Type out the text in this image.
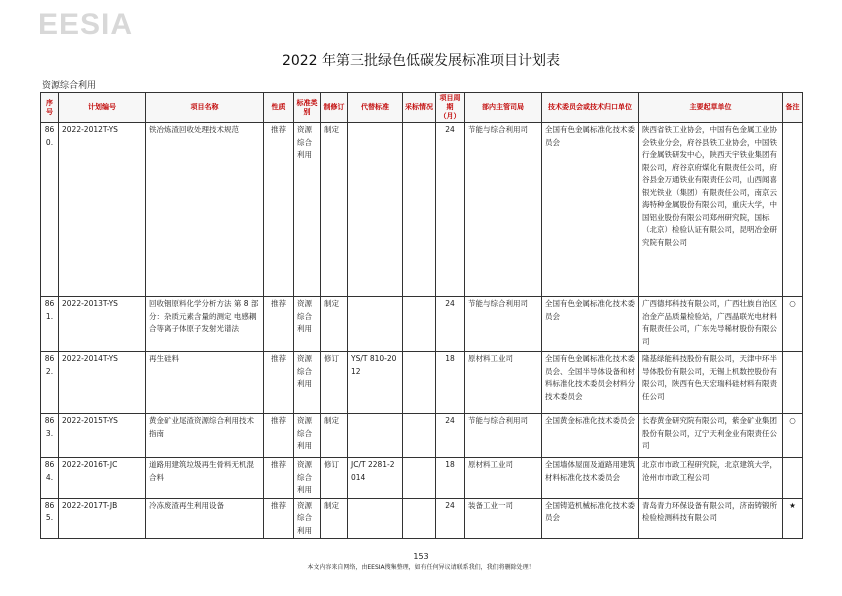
EESIA
2022 年第三批绿色低碳发展标准项目计划表
资源综合利用
序号	计划编号	项目名称	性质	标准类别	制修订	代替标准	采标情况	项目周期（月）	部内主管司局	技术委员会或技术归口单位	主要起草单位	备注
860.	2022-2012T-YS	铁冶炼渣回收处理技术规范	推荐	资源综合利用	制定			24	节能与综合利用司	全国有色金属标准化技术委员会	陕西省铁工业协会，中国有色金属工业协会铁业分会，府谷县铁工业协会，中国铁行金属铁研发中心，陕西天宇铁业集团有限公司，府谷京府煤化有限责任公司，府谷县金万通铁业有限责任公司，山西闻喜银光铁业（集团）有限责任公司，南京云海特种金属股份有限公司，重庆大学，中国铝业股份有限公司郑州研究院，国标（北京）检验认证有限公司，昆明冶金研究院有限公司	
861.	2022-2013T-YS	回收铟原料化学分析方法 第 8 部分：杂质元素含量的测定 电感耦合等离子体原子发射光谱法	推荐	资源综合利用	制定			24	节能与综合利用司	全国有色金属标准化技术委员会	广西德邦科技有限公司，广西壮族自治区冶金产品质量检验站，广西晶联光电材料有限责任公司，广东先导稀材股份有限公司	○
862.	2022-2014T-YS	再生硅料	推荐	资源综合利用	修订	YS/T 810-2012		18	原材料工业司	全国有色金属标准化技术委员会、全国半导体设备和材料标准化技术委员会材料分技术委员会	隆基绿能科技股份有限公司，天津中环半导体股份有限公司，无锡上机数控股份有限公司，陕西有色天宏瑞科硅材料有限责任公司	
863.	2022-2015T-YS	黄金矿业尾渣资源综合利用技术指南	推荐	资源综合利用	制定			24	节能与综合利用司	全国黄金标准化技术委员会	长春黄金研究院有限公司，紫金矿业集团股份有限公司，辽宁天利金业有限责任公司	○
864.	2022-2016T-JC	道路用建筑垃圾再生骨料无机混合料	推荐	资源综合利用	修订	JC/T 2281-2014		18	原材料工业司	全国墙体屋面及道路用建筑材料标准化技术委员会	北京市市政工程研究院，北京建筑大学，沧州市市政工程公司	
865.	2022-2017T-JB	冷冻废渣再生利用设备	推荐	资源综合利用	制定			24	装备工业一司	全国铸造机械标准化技术委员会	青岛青力环保设备有限公司，济南铸锻所检验检测科技有限公司	★
153
本文内容来自网络，由EESIA搜集整理，如有任何异议请联系我们，我们将删除处理！
